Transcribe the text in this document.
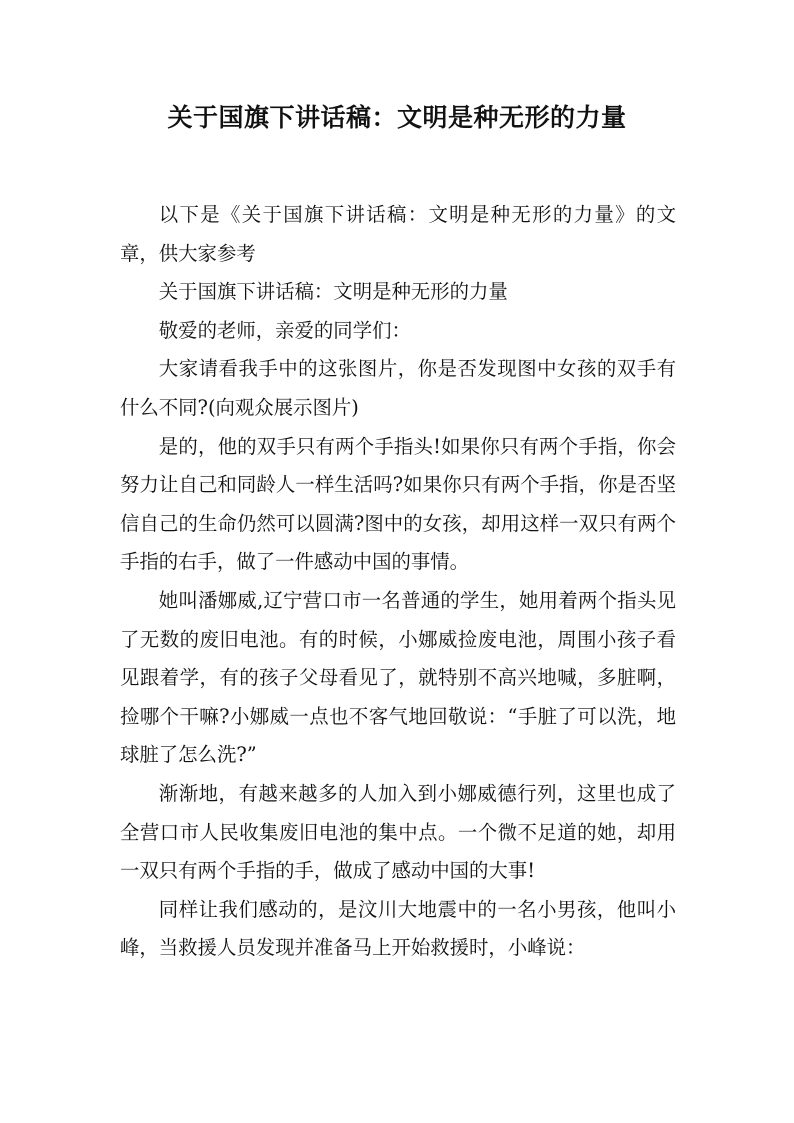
关于国旗下讲话稿：文明是种无形的力量

以下是《关于国旗下讲话稿：文明是种无形的力量》的文章，供大家参考

关于国旗下讲话稿：文明是种无形的力量

敬爱的老师，亲爱的同学们：

大家请看我手中的这张图片，你是否发现图中女孩的双手有什么不同?(向观众展示图片)

是的，他的双手只有两个手指头!如果你只有两个手指，你会努力让自己和同龄人一样生活吗?如果你只有两个手指，你是否坚信自己的生命仍然可以圆满?图中的女孩，却用这样一双只有两个手指的右手，做了一件感动中国的事情。

她叫潘娜威,辽宁营口市一名普通的学生，她用着两个指头见了无数的废旧电池。有的时候，小娜威捡废电池，周围小孩子看见跟着学，有的孩子父母看见了，就特别不高兴地喊，多脏啊，捡哪个干嘛?小娜威一点也不客气地回敬说：“手脏了可以洗，地球脏了怎么洗?”

渐渐地，有越来越多的人加入到小娜威德行列，这里也成了全营口市人民收集废旧电池的集中点。一个微不足道的她，却用一双只有两个手指的手，做成了感动中国的大事!

同样让我们感动的，是汶川大地震中的一名小男孩，他叫小峰，当救援人员发现并准备马上开始救援时，小峰说：
